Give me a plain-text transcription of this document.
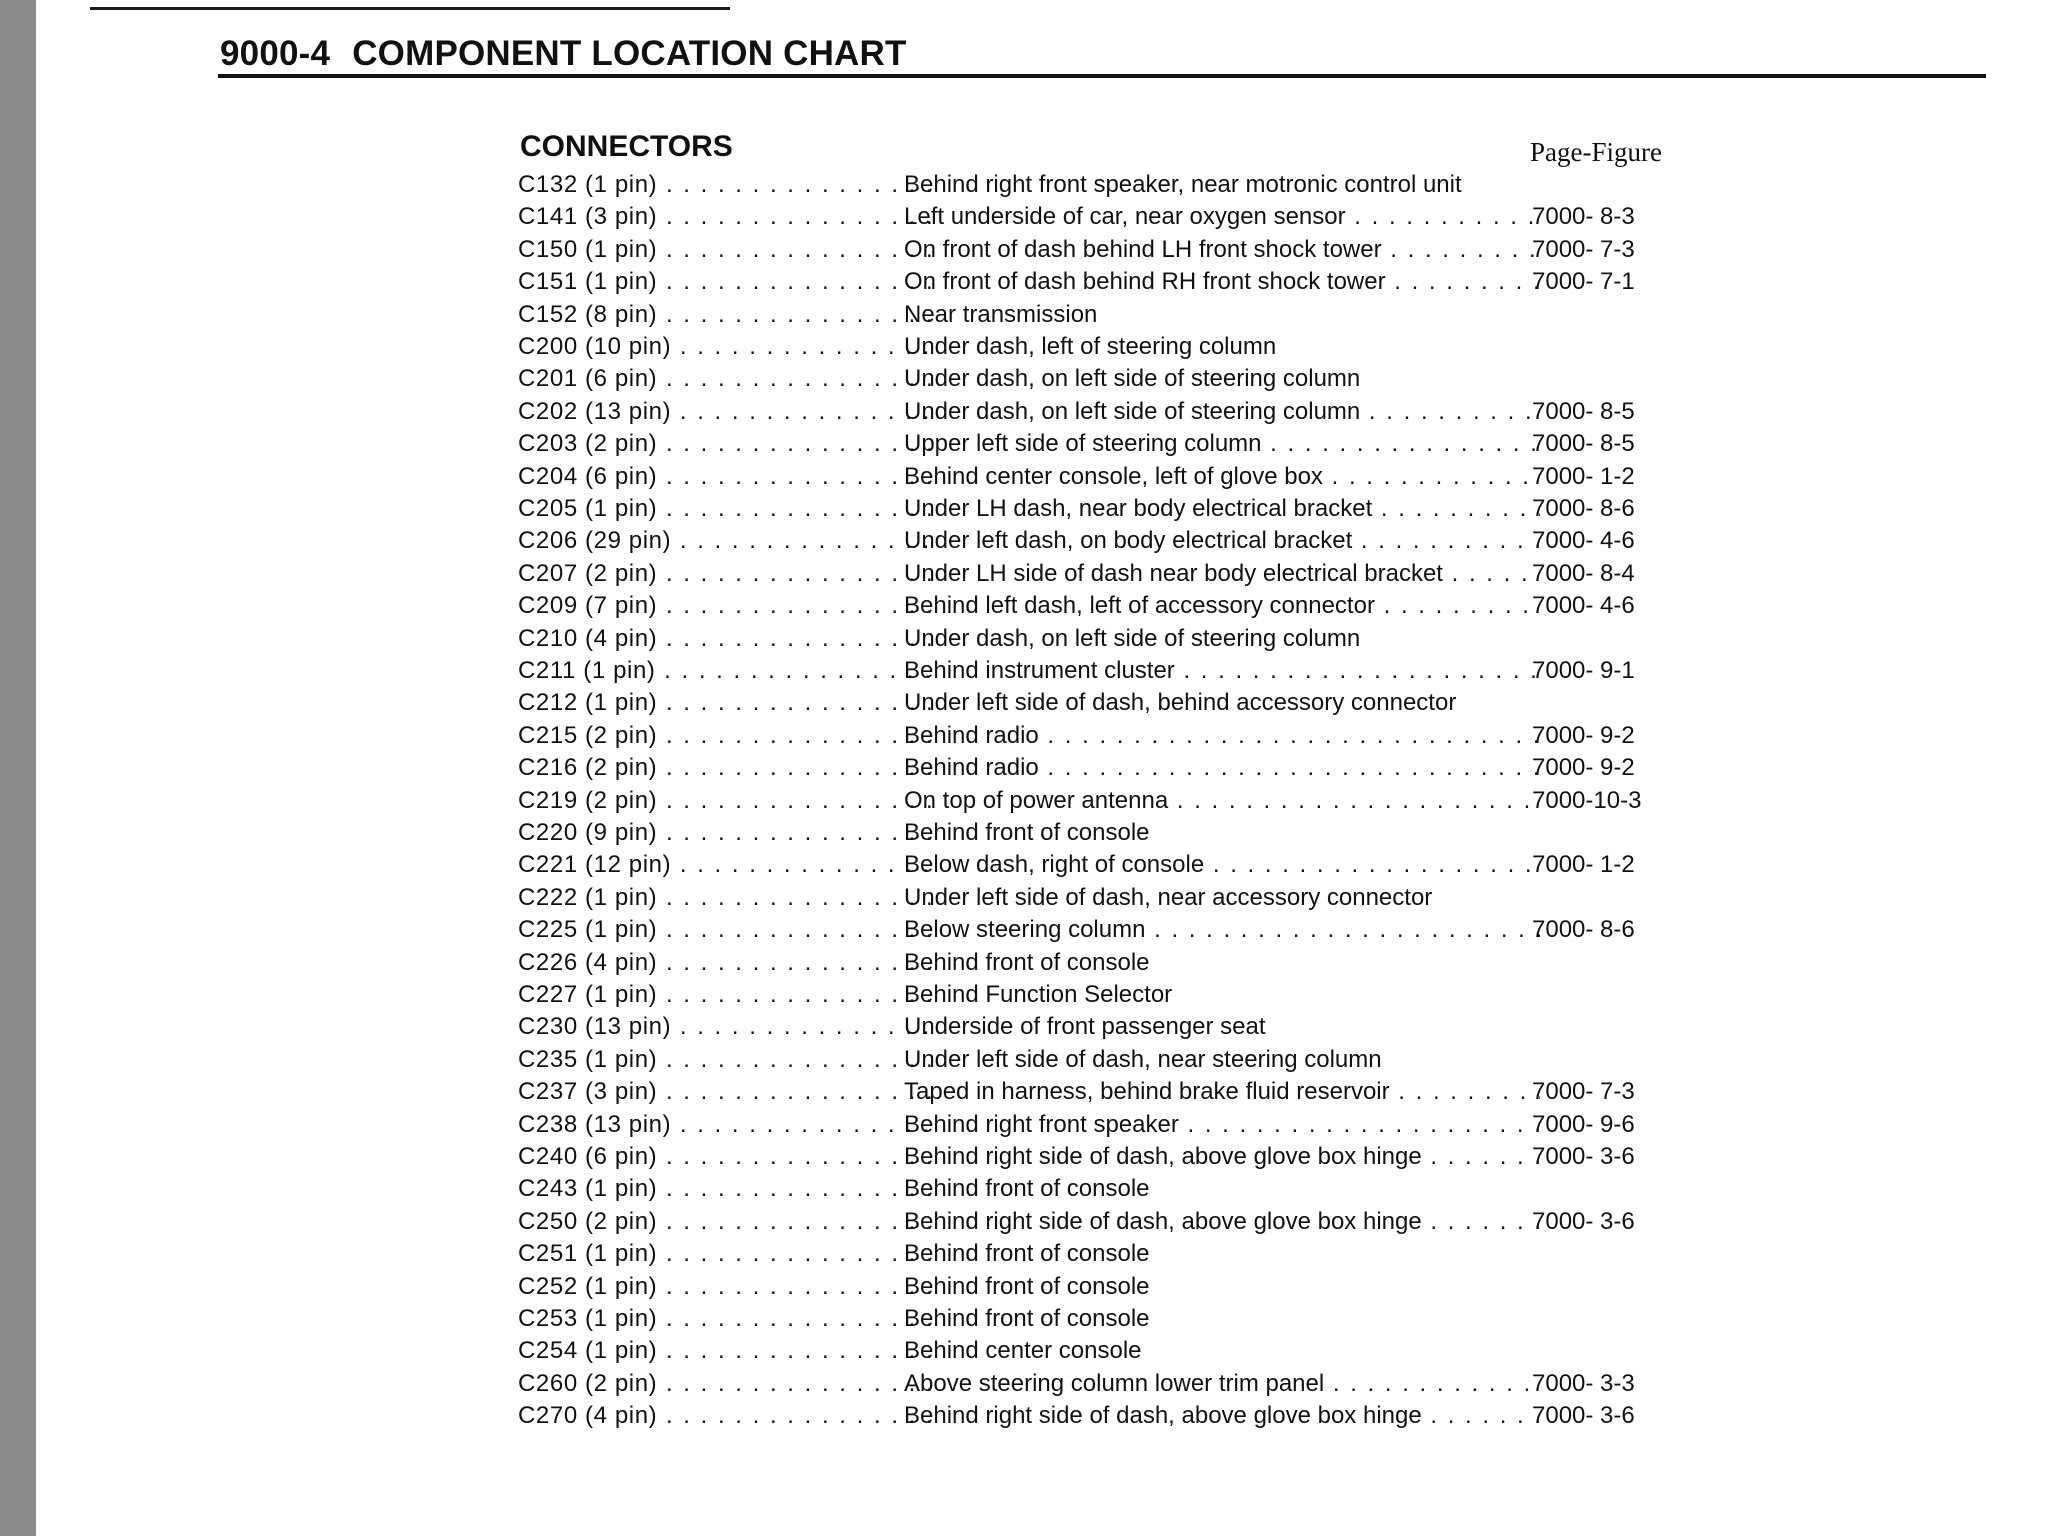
9000-4 COMPONENT LOCATION CHART
CONNECTORS	Page-Figure
C132 (1 pin) . . .	Behind right front speaker, near motronic control unit
C141 (3 pin) . . .	Left underside of car, near oxygen sensor . . .	7000- 8-3
C150 (1 pin) . . .	On front of dash behind LH front shock tower . . .	7000- 7-3
C151 (1 pin) . . .	On front of dash behind RH front shock tower . . .	7000- 7-1
C152 (8 pin) . . .	Near transmission
C200 (10 pin) . . .	Under dash, left of steering column
C201 (6 pin) . . .	Under dash, on left side of steering column
C202 (13 pin) . . .	Under dash, on left side of steering column . . .	7000- 8-5
C203 (2 pin) . . .	Upper left side of steering column . . .	7000- 8-5
C204 (6 pin) . . .	Behind center console, left of glove box . . .	7000- 1-2
C205 (1 pin) . . .	Under LH dash, near body electrical bracket . . .	7000- 8-6
C206 (29 pin) . . .	Under left dash, on body electrical bracket . . .	7000- 4-6
C207 (2 pin) . . .	Under LH side of dash near body electrical bracket . . .	7000- 8-4
C209 (7 pin) . . .	Behind left dash, left of accessory connector . . .	7000- 4-6
C210 (4 pin) . . .	Under dash, on left side of steering column
C211 (1 pin) . . .	Behind instrument cluster . . .	7000- 9-1
C212 (1 pin) . . .	Under left side of dash, behind accessory connector
C215 (2 pin) . . .	Behind radio . . .	7000- 9-2
C216 (2 pin) . . .	Behind radio . . .	7000- 9-2
C219 (2 pin) . . .	On top of power antenna . . .	7000-10-3
C220 (9 pin) . . .	Behind front of console
C221 (12 pin) . . .	Below dash, right of console . . .	7000- 1-2
C222 (1 pin) . . .	Under left side of dash, near accessory connector
C225 (1 pin) . . .	Below steering column . . .	7000- 8-6
C226 (4 pin) . . .	Behind front of console
C227 (1 pin) . . .	Behind Function Selector
C230 (13 pin) . . .	Underside of front passenger seat
C235 (1 pin) . . .	Under left side of dash, near steering column
C237 (3 pin) . . .	Taped in harness, behind brake fluid reservoir . . .	7000- 7-3
C238 (13 pin) . . .	Behind right front speaker . . .	7000- 9-6
C240 (6 pin) . . .	Behind right side of dash, above glove box hinge . . .	7000- 3-6
C243 (1 pin) . . .	Behind front of console
C250 (2 pin) . . .	Behind right side of dash, above glove box hinge . . .	7000- 3-6
C251 (1 pin) . . .	Behind front of console
C252 (1 pin) . . .	Behind front of console
C253 (1 pin) . . .	Behind front of console
C254 (1 pin) . . .	Behind center console
C260 (2 pin) . . .	Above steering column lower trim panel . . .	7000- 3-3
C270 (4 pin) . . .	Behind right side of dash, above glove box hinge . . .	7000- 3-6
